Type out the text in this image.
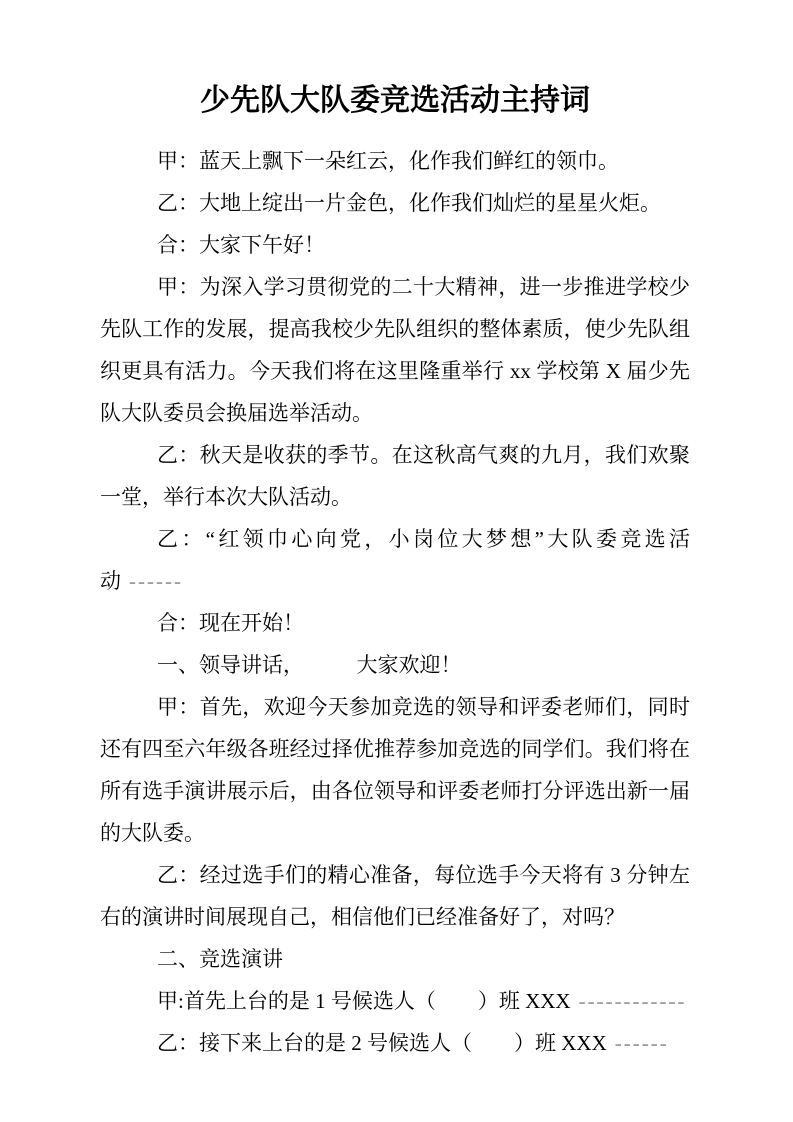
少先队大队委竞选活动主持词

甲：蓝天上飘下一朵红云，化作我们鲜红的领巾。

乙：大地上绽出一片金色，化作我们灿烂的星星火炬。

合：大家下午好！

甲：为深入学习贯彻党的二十大精神，进一步推进学校少先队工作的发展，提高我校少先队组织的整体素质，使少先队组织更具有活力。今天我们将在这里隆重举行 xx 学校第 X 届少先队大队委员会换届选举活动。

乙：秋天是收获的季节。在这秋高气爽的九月，我们欢聚一堂，举行本次大队活动。

乙：“红领巾心向党，小岗位大梦想”大队委竞选活动 ------

合：现在开始！

一、领导讲话，　　　大家欢迎！

甲：首先，欢迎今天参加竞选的领导和评委老师们，同时还有四至六年级各班经过择优推荐参加竞选的同学们。我们将在所有选手演讲展示后，由各位领导和评委老师打分评选出新一届的大队委。

乙：经过选手们的精心准备，每位选手今天将有 3 分钟左右的演讲时间展现自己，相信他们已经准备好了，对吗？

二、竞选演讲

甲:首先上台的是 1 号候选人（　　）班 XXX ------------

乙：接下来上台的是 2 号候选人（　　）班 XXX ------
